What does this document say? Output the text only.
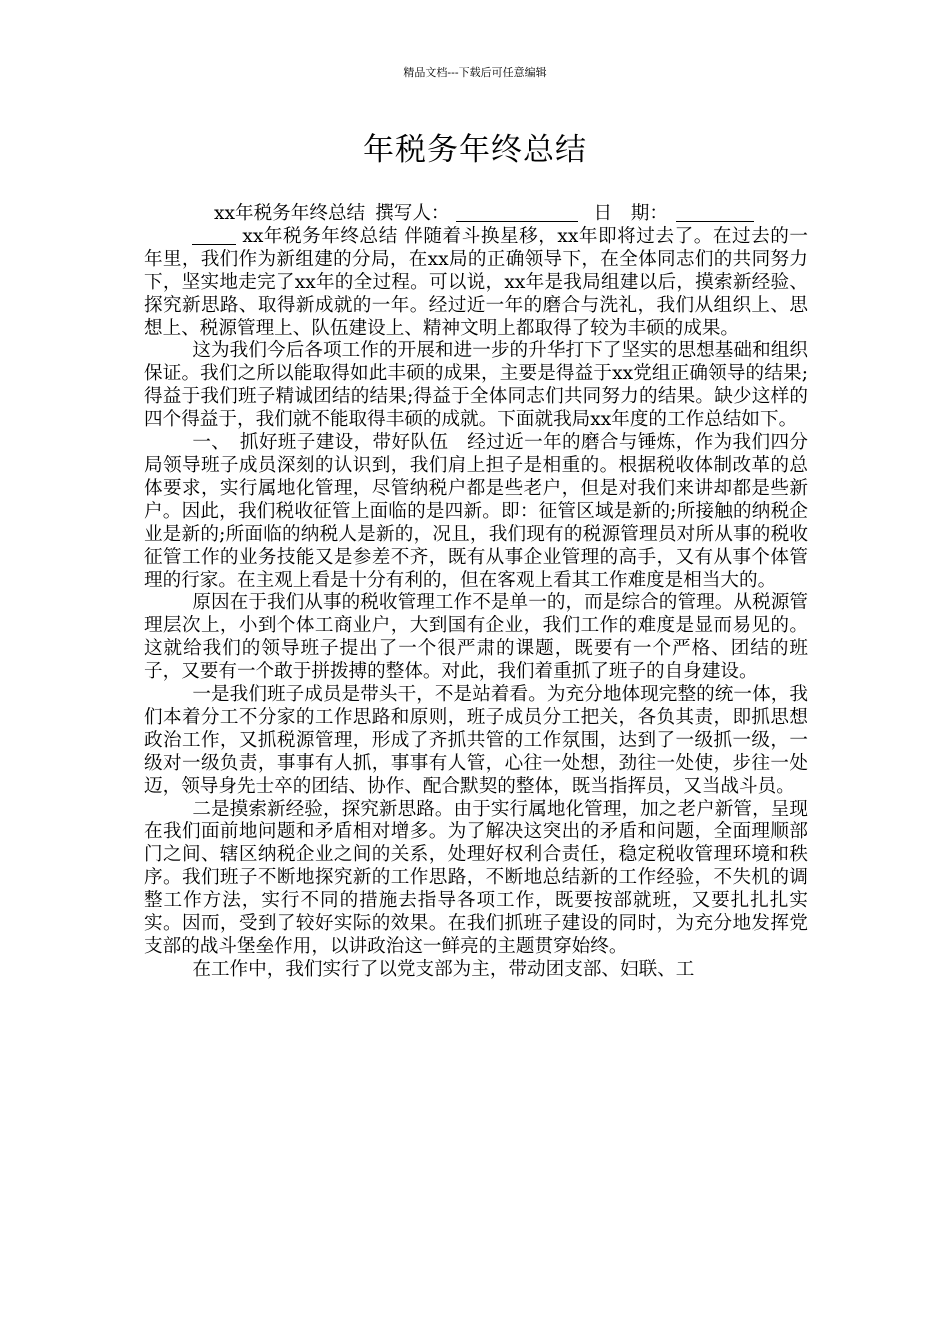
精品文档---下载后可任意编辑
年税务年终总结
xx年税务年终总结 撰写人：	日　期：

xx年税务年终总结 伴随着斗换星移，xx年即将过去了。在过去的一年里，我们作为新组建的分局，在xx局的正确领导下，在全体同志们的共同努力下，坚实地走完了xx年的全过程。可以说，xx年是我局组建以后，摸索新经验、探究新思路、取得新成就的一年。经过近一年的磨合与洗礼，我们从组织上、思想上、税源管理上、队伍建设上、精神文明上都取得了较为丰硕的成果。

这为我们今后各项工作的开展和进一步的升华打下了坚实的思想基础和组织保证。我们之所以能取得如此丰硕的成果，主要是得益于xx党组正确领导的结果;得益于我们班子精诚团结的结果;得益于全体同志们共同努力的结果。缺少这样的四个得益于，我们就不能取得丰硕的成就。下面就我局xx年度的工作总结如下。

一、　抓好班子建设，带好队伍　经过近一年的磨合与锤炼，作为我们四分局领导班子成员深刻的认识到，我们肩上担子是相重的。根据税收体制改革的总体要求，实行属地化管理，尽管纳税户都是些老户，但是对我们来讲却都是些新户。因此，我们税收征管上面临的是四新。即：征管区域是新的;所接触的纳税企业是新的;所面临的纳税人是新的，况且，我们现有的税源管理员对所从事的税收征管工作的业务技能又是参差不齐，既有从事企业管理的高手，又有从事个体管理的行家。在主观上看是十分有利的，但在客观上看其工作难度是相当大的。

原因在于我们从事的税收管理工作不是单一的，而是综合的管理。从税源管理层次上，小到个体工商业户，大到国有企业，我们工作的难度是显而易见的。这就给我们的领导班子提出了一个很严肃的课题，既要有一个严格、团结的班子，又要有一个敢于拼拨搏的整体。对此，我们着重抓了班子的自身建设。

一是我们班子成员是带头干，不是站着看。为充分地体现完整的统一体，我们本着分工不分家的工作思路和原则，班子成员分工把关，各负其责，即抓思想政治工作，又抓税源管理，形成了齐抓共管的工作氛围，达到了一级抓一级，一级对一级负责，事事有人抓，事事有人管，心往一处想，劲往一处使，步往一处迈，领导身先士卒的团结、协作、配合默契的整体，既当指挥员，又当战斗员。

二是摸索新经验，探究新思路。由于实行属地化管理，加之老户新管，呈现在我们面前地问题和矛盾相对增多。为了解决这突出的矛盾和问题，全面理顺部门之间、辖区纳税企业之间的关系，处理好权利合责任，稳定税收管理环境和秩序。我们班子不断地探究新的工作思路，不断地总结新的工作经验，不失机的调整工作方法，实行不同的措施去指导各项工作，既要按部就班，又要扎扎扎实实。因而，受到了较好实际的效果。在我们抓班子建设的同时，为充分地发挥党支部的战斗堡垒作用，以讲政治这一鲜亮的主题贯穿始终。

在工作中，我们实行了以党支部为主，带动团支部、妇联、工
